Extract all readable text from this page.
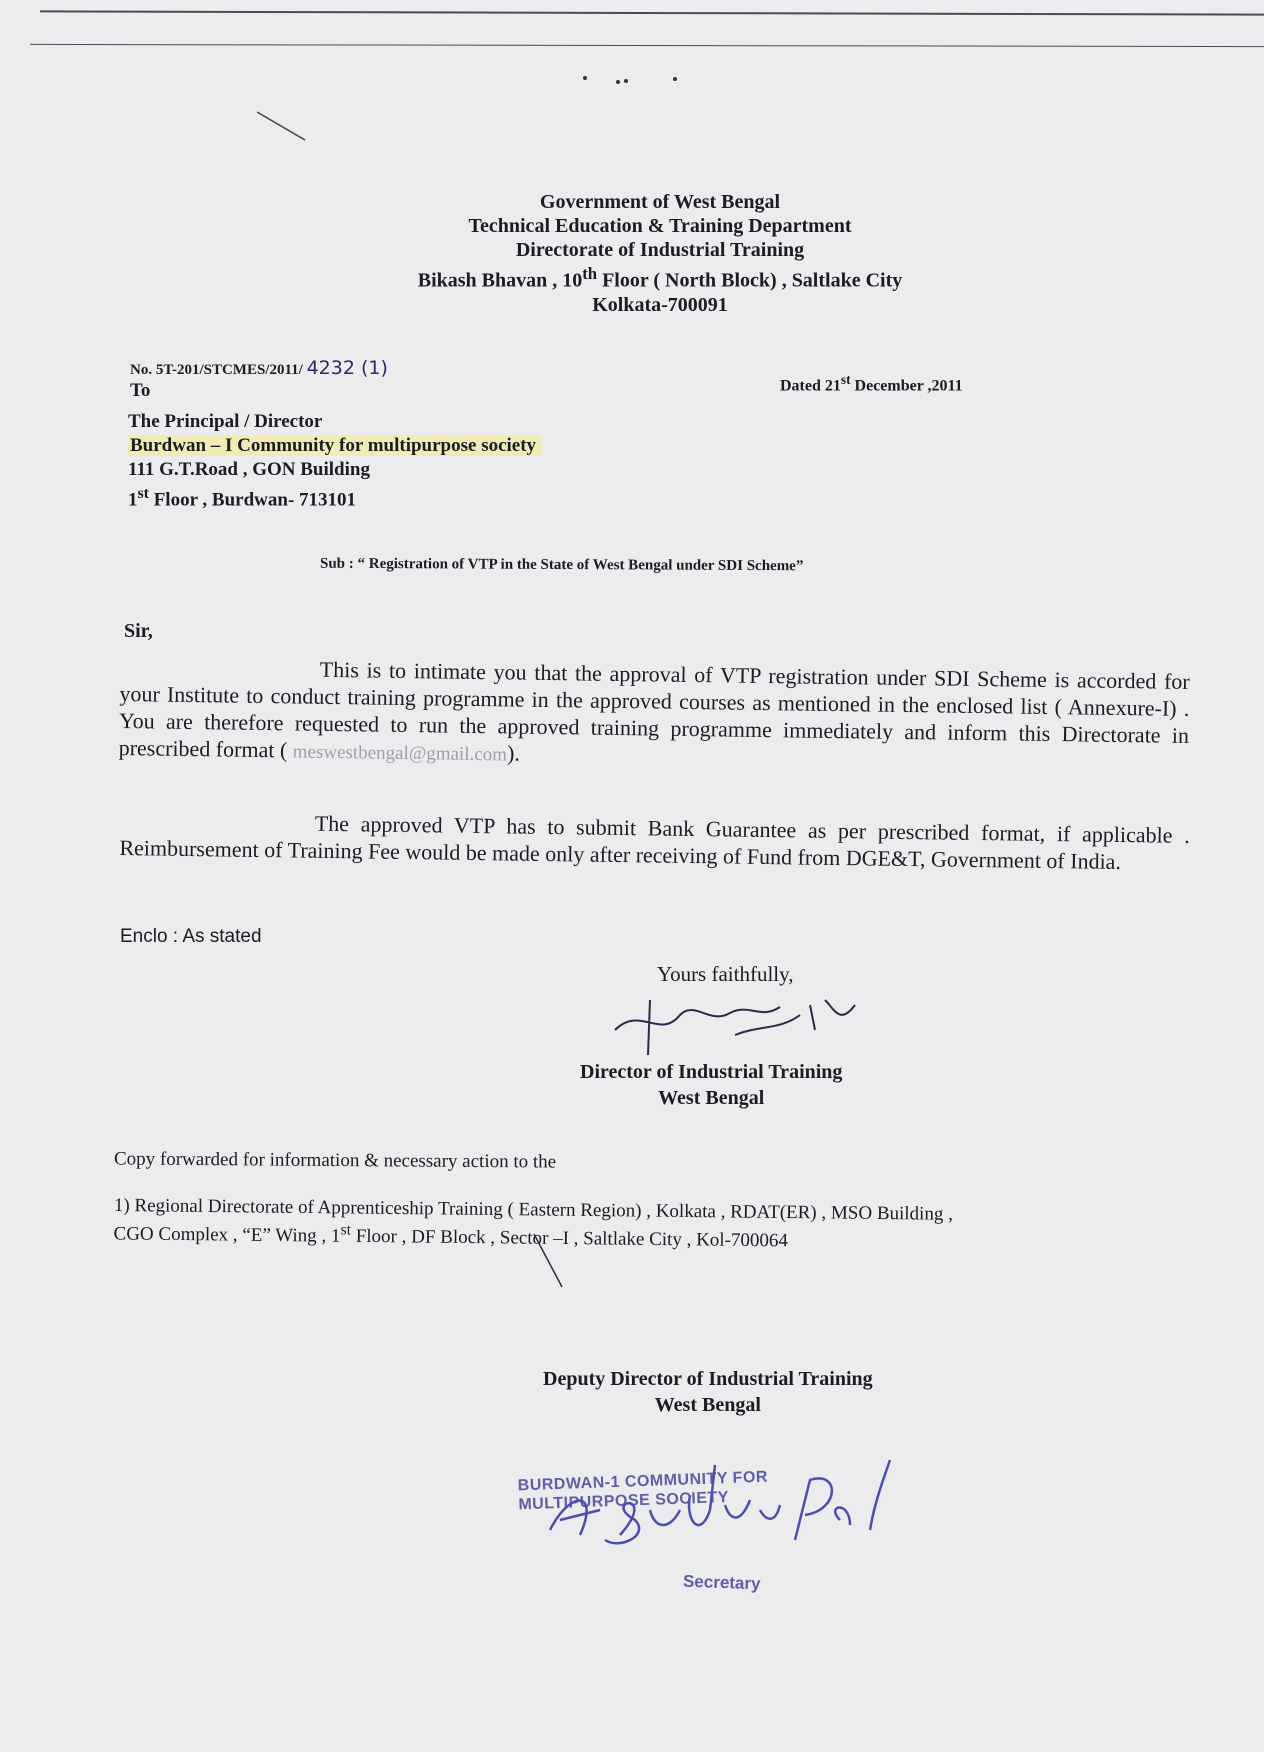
Government of West Bengal
Technical Education & Training Department
Directorate of Industrial Training
Bikash Bhavan , 10th Floor ( North Block) , Saltlake City
Kolkata-700091
No. 5T-201/STCMES/2011/ 4232 (1)
To	Dated 21st December ,2011
The Principal / Director
Burdwan – I Community for multipurpose society
111 G.T.Road , GON Building
1st Floor , Burdwan- 713101
Sub : “ Registration of VTP in the State of West Bengal under SDI Scheme”
Sir,
This is to intimate you that the approval of VTP registration under SDI Scheme is accorded for your Institute to conduct training programme in the approved courses as mentioned in the enclosed list ( Annexure-I) . You are therefore requested to run the approved training programme immediately and inform this Directorate in prescribed format ( meswestbengal@gmail.com).
The approved VTP has to submit Bank Guarantee as per prescribed format, if applicable . Reimbursement of Training Fee would be made only after receiving of Fund from DGE&T, Government of India.
Enclo : As stated
Yours faithfully,
Director of Industrial Training
West Bengal
Copy forwarded for information & necessary action to the
1) Regional Directorate of Apprenticeship Training ( Eastern Region) , Kolkata , RDAT(ER) , MSO Building ,
CGO Complex , “E” Wing , 1st Floor , DF Block , Sector –I , Saltlake City , Kol-700064
Deputy Director of Industrial Training
West Bengal
BURDWAN-1 COMMUNITY FOR
MULTIPURPOSE SOCIETY
Secretary
